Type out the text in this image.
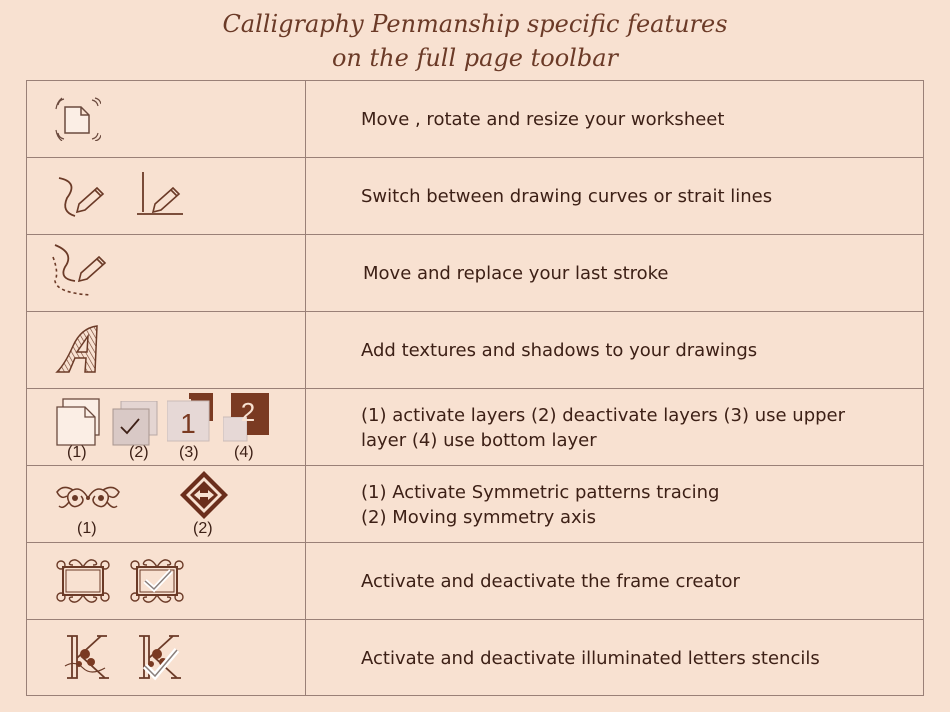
Calligraphy Penmanship specific features
on the full page toolbar
Move , rotate and resize your worksheet
Switch between drawing curves or strait lines
Move and replace your last stroke
Add textures and shadows to your drawings
1 2
(1)	(2) (3) (4)
(1) activate layers (2) deactivate layers (3) use upper
layer (4) use bottom layer
(1)	(2)
(1) Activate Symmetric patterns tracing
(2) Moving symmetry axis
Activate and deactivate the frame creator
Activate and deactivate illuminated letters stencils
